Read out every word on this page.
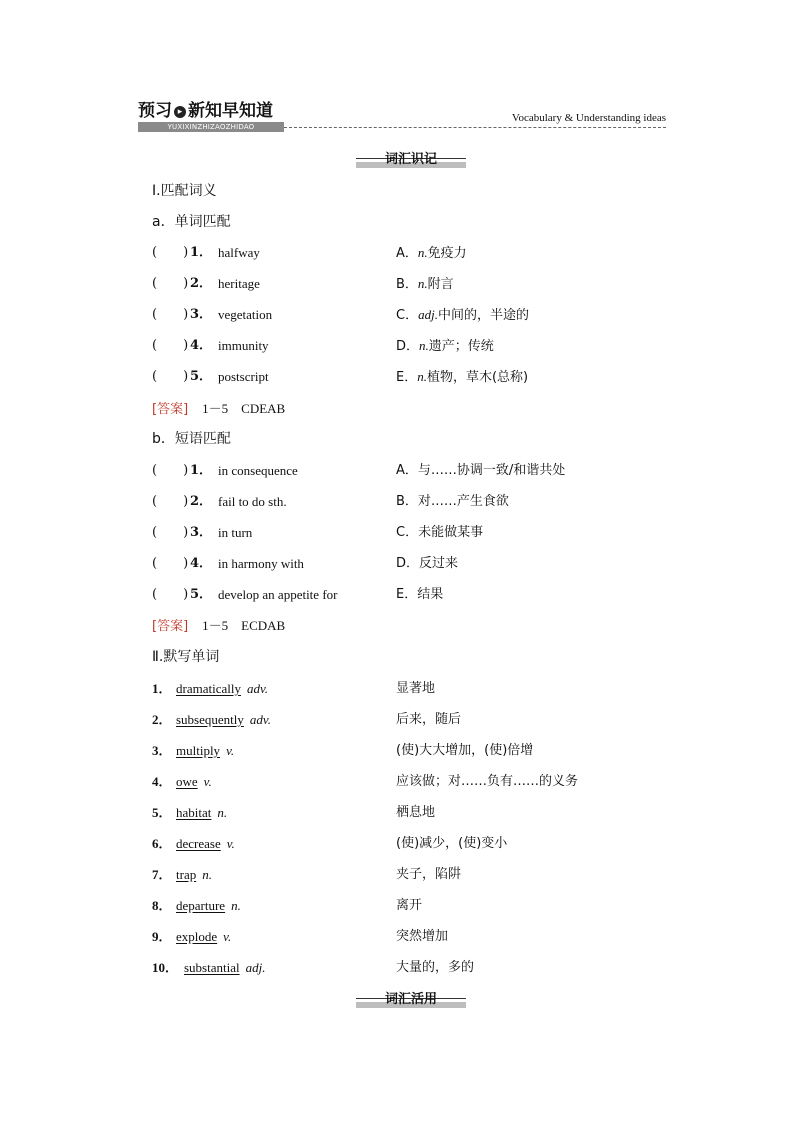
预习 ▸ 新知早知道
YUXIXINZHIZAOZHIDAO
Vocabulary & Understanding ideas
词汇识记
Ⅰ.匹配词义
a．单词匹配
(　　) 1． halfway	A．n.免疫力
(　　) 2． heritage	B．n.附言
(　　) 3． vegetation	C．adj.中间的，半途的
(　　) 4． immunity	D．n.遗产；传统
(　　) 5． postscript	E．n.植物，草木(总称)
[答案] 1－5　CDEAB
b．短语匹配
(　　) 1． in consequence	A．与……协调一致/和谐共处
(　　) 2． fail to do sth.	B．对……产生食欲
(　　) 3． in turn	C．未能做某事
(　　) 4． in harmony with	D．反过来
(　　) 5． develop an appetite for	E．结果
[答案] 1－5　ECDAB
Ⅱ.默写单词
1． dramatically adv.	显著地
2． subsequently adv.	后来，随后
3． multiply v.	(使)大大增加，(使)倍增
4． owe v.	应该做；对……负有……的义务
5． habitat n.	栖息地
6． decrease v.	(使)减少，(使)变小
7． trap n.	夹子，陷阱
8． departure n.	离开
9． explode v.	突然增加
10． substantial adj.	大量的，多的
词汇活用
